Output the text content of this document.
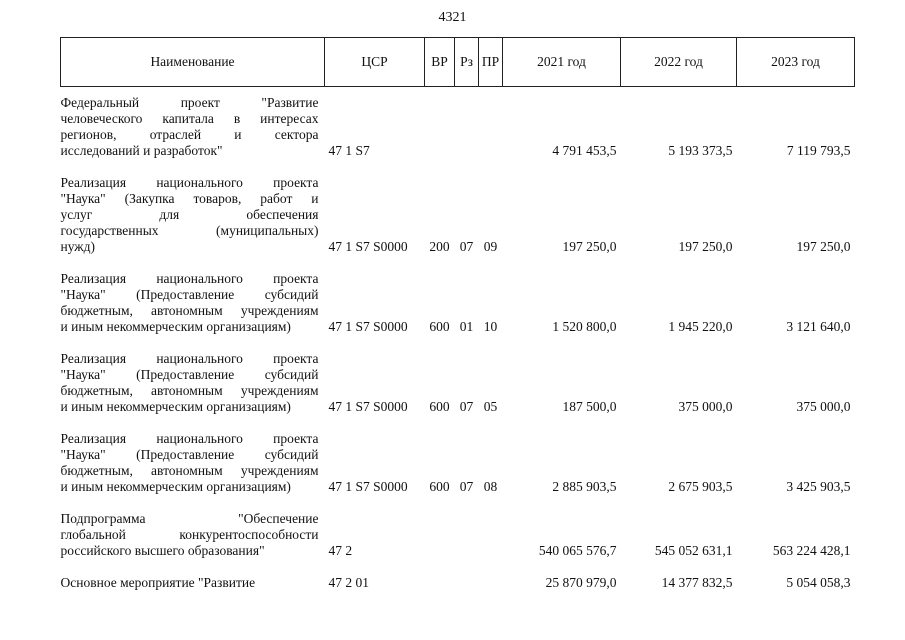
4321
Наименование	ЦСР	ВР	Рз	ПР	2021 год	2022 год	2023 год

Федеральный проект "Развитие
человеческого капитала в интересах
регионов, отраслей и сектора
исследований и разработок"	47 1 S7				4 791 453,5	5 193 373,5	7 119 793,5

Реализация национального проекта
"Наука" (Закупка товаров, работ и
услуг для обеспечения
государственных (муниципальных)
нужд)	47 1 S7 S0000	200	07	09	197 250,0	197 250,0	197 250,0

Реализация национального проекта
"Наука" (Предоставление субсидий
бюджетным, автономным учреждениям
и иным некоммерческим организациям)	47 1 S7 S0000	600	01	10	1 520 800,0	1 945 220,0	3 121 640,0

Реализация национального проекта
"Наука" (Предоставление субсидий
бюджетным, автономным учреждениям
и иным некоммерческим организациям)	47 1 S7 S0000	600	07	05	187 500,0	375 000,0	375 000,0

Реализация национального проекта
"Наука" (Предоставление субсидий
бюджетным, автономным учреждениям
и иным некоммерческим организациям)	47 1 S7 S0000	600	07	08	2 885 903,5	2 675 903,5	3 425 903,5

Подпрограмма "Обеспечение
глобальной конкурентоспособности
российского высшего образования"	47 2				540 065 576,7	545 052 631,1	563 224 428,1

Основное мероприятие "Развитие	47 2 01				25 870 979,0	14 377 832,5	5 054 058,3
